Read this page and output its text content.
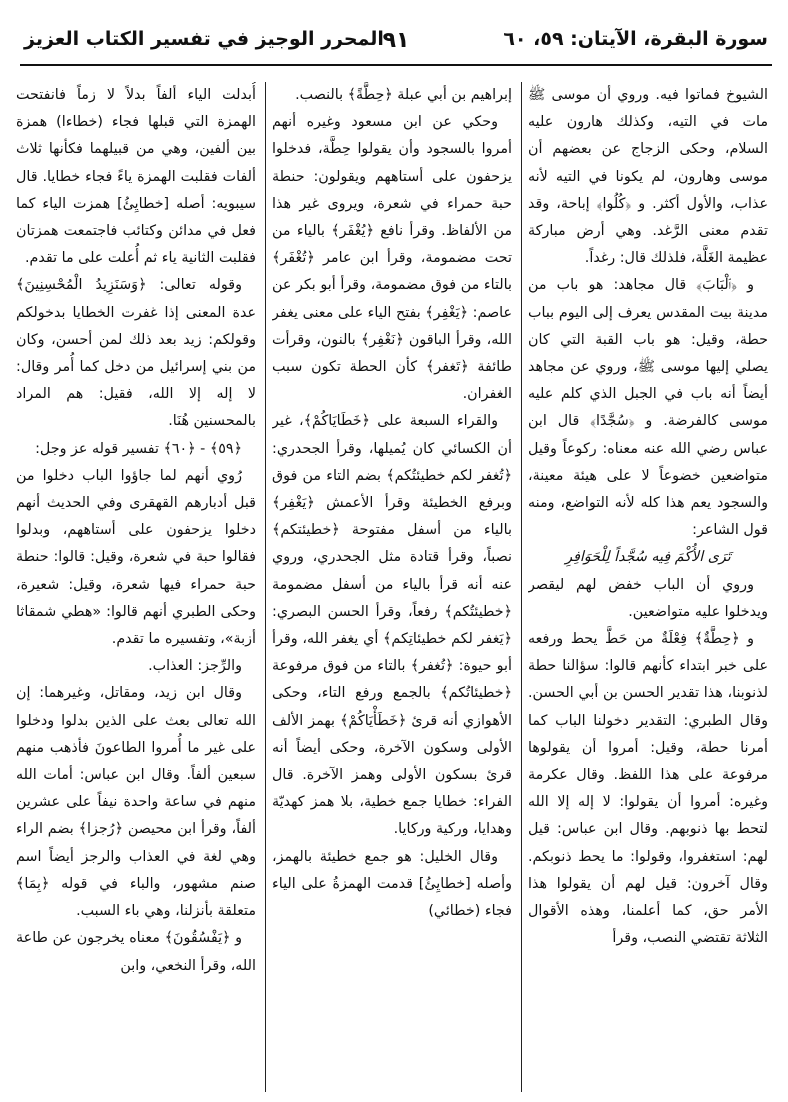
سورة البقرة، الآيتان: ٥٩، ٦٠
٩١
المحرر الوجيز في تفسير الكتاب العزيز

الشيوخ فماتوا فيه. وروي أن موسى ﷺ مات في التيه، وكذلك هارون عليه السلام، وحكى الزجاج عن بعضهم أن موسى وهارون، لم يكونا في التيه لأنه عذاب، والأول أكثر. و ﴿كُلُوا﴾ إباحة، وقد تقدم معنى الرَّغد. وهي أرض مباركة عظيمة الغَلَّة، فلذلك قال: رغداً.

و ﴿ٱلْبَابَ﴾ قال مجاهد: هو باب من مدينة بيت المقدس يعرف إلى اليوم بباب حطة، وقيل: هو باب القبة التي كان يصلي إليها موسى ﷺ، وروي عن مجاهد أيضاً أنه باب في الجبل الذي كلم عليه موسى كالفرضة. و ﴿سُجَّدًا﴾ قال ابن عباس رضي الله عنه معناه: ركوعاً وقيل متواضعين خضوعاً لا على هيئة معينة، والسجود يعم هذا كله لأنه التواضع، ومنه قول الشاعر:

تَرَى الأُكْمَ فِيه سُجَّداً لِلْحَوَافِرِ

وروي أن الباب خفض لهم ليقصر ويدخلوا عليه متواضعين.

و ﴿حِطَّةٌ﴾ فِعْلَةٌ من حَطَّ يحط ورفعه على خبر ابتداء كأنهم قالوا: سؤالنا حطة لذنوبنا، هذا تقدير الحسن بن أبي الحسن. وقال الطبري: التقدير دخولنا الباب كما أمرنا حطة، وقيل: أمروا أن يقولوها مرفوعة على هذا اللفظ. وقال عكرمة وغيره: أمروا أن يقولوا: لا إله إلا الله لتحط بها ذنوبهم. وقال ابن عباس: قيل لهم: استغفروا، وقولوا: ما يحط ذنوبكم. وقال آخرون: قيل لهم أن يقولوا هذا الأمر حق، كما أعلمنا، وهذه الأقوال الثلاثة تقتضي النصب، وقرأ

إبراهيم بن أبي عبلة ﴿حِطَّةً﴾ بالنصب.

وحكي عن ابن مسعود وغيره أنهم أمروا بالسجود وأن يقولوا حِطَّة، فدخلوا يزحفون على أستاههم ويقولون: حنطة حبة حمراء في شعرة، ويروى غير هذا من الألفاظ. وقرأ نافع ﴿يُغْفَر﴾ بالياء من تحت مضمومة، وقرأ ابن عامر ﴿تُغْفَر﴾ بالتاء من فوق مضمومة، وقرأ أبو بكر عن عاصم: ﴿يَغْفِر﴾ بفتح الياء على معنى يغفر الله، وقرأ الباقون ﴿نَغْفِر﴾ بالنون، وقرأت طائفة ﴿تَغفر﴾ كأن الحطة تكون سبب الغفران.

والقراء السبعة على ﴿خَطَايَاكُمْ﴾، غير أن الكسائي كان يُميلها، وقرأ الجحدري: ﴿تُغفر لكم خطيئتُكم﴾ بضم التاء من فوق وبرفع الخطيئة وقرأ الأعمش ﴿يَغْفِر﴾ بالياء من أسفل مفتوحة ﴿خطيئتكم﴾ نصباً، وقرأ قتادة مثل الجحدري، وروي عنه أنه قرأ بالياء من أسفل مضمومة ﴿خطيئتُكم﴾ رفعاً، وقرأ الحسن البصري: ﴿يَغفر لكم خطيئاتِكم﴾ أي يغفر الله، وقرأ أبو حيوة: ﴿تُغفر﴾ بالتاء من فوق مرفوعة ﴿خطيئاتُكم﴾ بالجمع ورفع التاء، وحكى الأهوازي أنه قرئ ﴿خَطَأْيَاكُمْ﴾ بهمز الألف الأولى وسكون الآخرة، وحكى أيضاً أنه قرئ بسكون الأولى وهمز الآخرة. قال الفراء: خطايا جمع خطية، بلا همز كهديّة وهدايا، وركية وركايا.

وقال الخليل: هو جمع خطيئة بالهمز، وأصله [خطايِئُ] قدمت الهمزةُ على الياء فجاء (خطائي)

أُبدلت الياء ألفاً بدلاً لا زماً فانفتحت الهمزة التي قبلها فجاء (خطاءا) همزة بين ألفين، وهي من قبيلهما فكأنها ثلاث ألفات فقلبت الهمزة ياءً فجاء خطايا. قال سيبويه: أصله [خطايِئُ] همزت الياء كما فعل في مدائن وكتائب فاجتمعت همزتان فقلبت الثانية ياء ثم أُعلت على ما تقدم.

وقوله تعالى: ﴿وَسَنَزِيدُ الْمُحْسِنِينَ﴾ عدة المعنى إذا غفرت الخطايا بدخولكم وقولكم: زيد بعد ذلك لمن أحسن، وكان من بني إسرائيل من دخل كما أُمر وقال: لا إله إلا الله، فقيل: هم المراد بالمحسنين هُنَا.

﴿٥٩﴾ - ﴿٦٠﴾ تفسير قوله عز وجل:

رُوي أنهم لما جاؤوا الباب دخلوا من قبل أدبارهم القهقرى وفي الحديث أنهم دخلوا يزحفون على أستاههم، وبدلوا فقالوا حبة في شعرة، وقيل: قالوا: حنطة حبة حمراء فيها شعرة، وقيل: شعيرة، وحكى الطبري أنهم قالوا: «هطي شمقاثا أزبة»، وتفسيره ما تقدم.

والرِّجز: العذاب.

وقال ابن زيد، ومقاتل، وغيرهما: إن الله تعالى بعث على الذين بدلوا ودخلوا على غير ما أُمروا الطاعونَ فأذهب منهم سبعين ألفاً. وقال ابن عباس: أمات الله منهم في ساعة واحدة نيفاً على عشرين ألفاً، وقرأ ابن محيصن ﴿رُجزا﴾ بضم الراء وهي لغة في العذاب والرجز أيضاً اسم صنم مشهور، والباء في قوله ﴿بِمَا﴾ متعلقة بأنزلنا، وهي باء السبب.

و ﴿يَفْسُقُونَ﴾ معناه يخرجون عن طاعة الله، وقرأ النخعي، وابن
